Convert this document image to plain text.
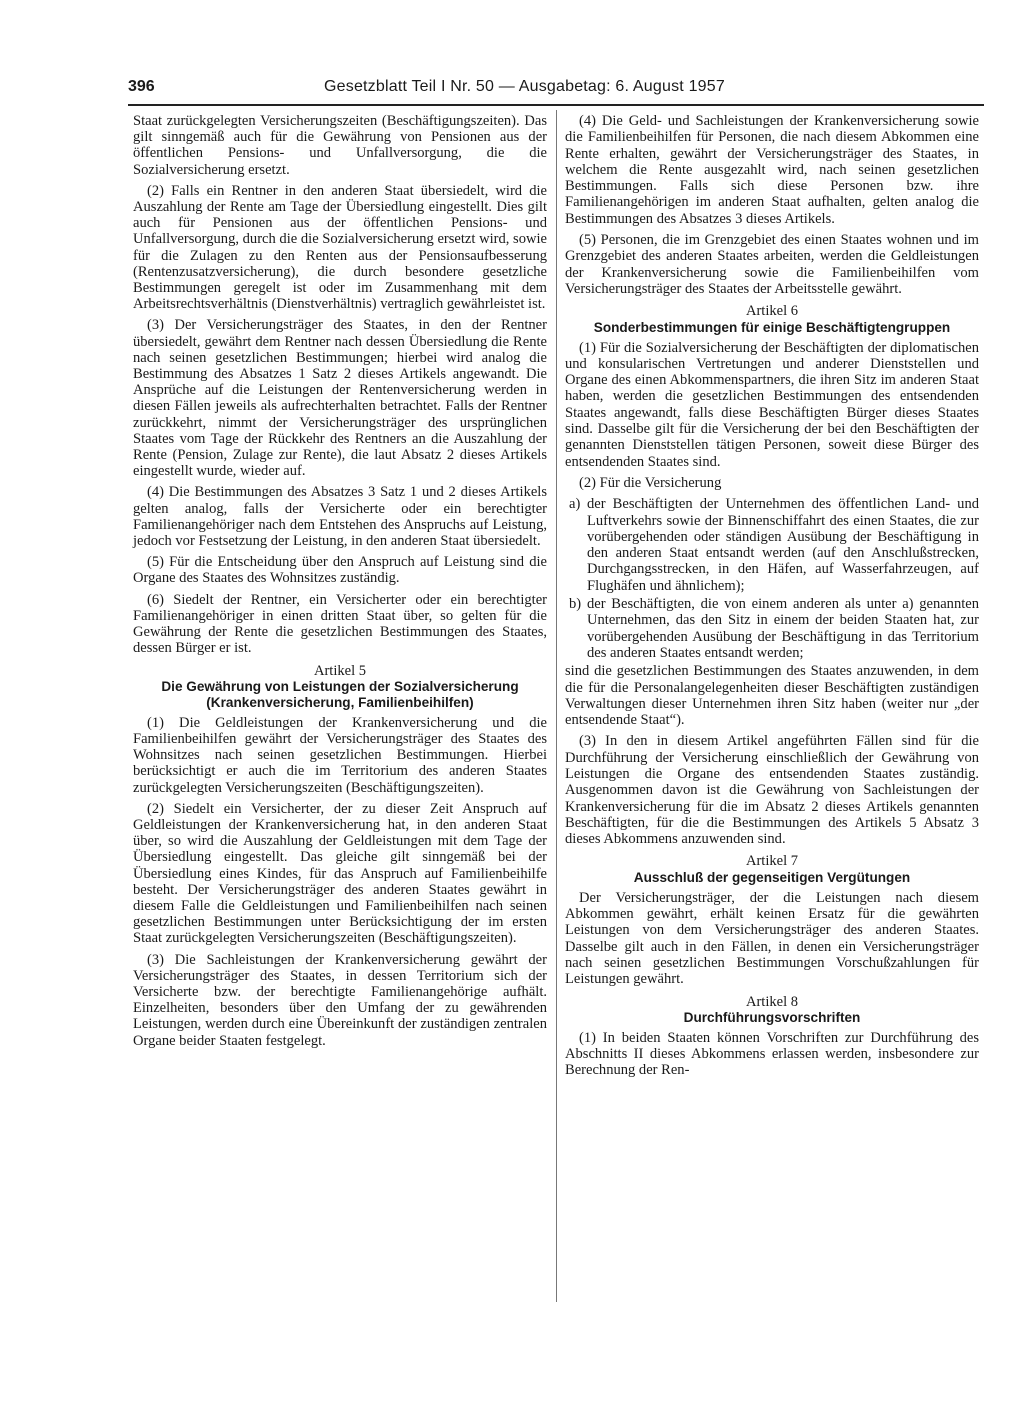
396	Gesetzblatt Teil I Nr. 50 — Ausgabetag: 6. August 1957

Staat zurückgelegten Versicherungszeiten (Beschäftigungszeiten). Das gilt sinngemäß auch für die Gewährung von Pensionen aus der öffentlichen Pensions- und Unfallversorgung, die die Sozialversicherung ersetzt.

(2) Falls ein Rentner in den anderen Staat übersiedelt, wird die Auszahlung der Rente am Tage der Übersiedlung eingestellt. Dies gilt auch für Pensionen aus der öffentlichen Pensions- und Unfallversorgung, durch die die Sozialversicherung ersetzt wird, sowie für die Zulagen zu den Renten aus der Pensionsaufbesserung (Rentenzusatzversicherung), die durch besondere gesetzliche Bestimmungen geregelt ist oder im Zusammenhang mit dem Arbeitsrechtsverhältnis (Dienstverhältnis) vertraglich gewährleistet ist.

(3) Der Versicherungsträger des Staates, in den der Rentner übersiedelt, gewährt dem Rentner nach dessen Übersiedlung die Rente nach seinen gesetzlichen Bestimmungen; hierbei wird analog die Bestimmung des Absatzes 1 Satz 2 dieses Artikels angewandt. Die Ansprüche auf die Leistungen der Rentenversicherung werden in diesen Fällen jeweils als aufrechterhalten betrachtet. Falls der Rentner zurückkehrt, nimmt der Versicherungsträger des ursprünglichen Staates vom Tage der Rückkehr des Rentners an die Auszahlung der Rente (Pension, Zulage zur Rente), die laut Absatz 2 dieses Artikels eingestellt wurde, wieder auf.

(4) Die Bestimmungen des Absatzes 3 Satz 1 und 2 dieses Artikels gelten analog, falls der Versicherte oder ein berechtigter Familienangehöriger nach dem Entstehen des Anspruchs auf Leistung, jedoch vor Festsetzung der Leistung, in den anderen Staat übersiedelt.

(5) Für die Entscheidung über den Anspruch auf Leistung sind die Organe des Staates des Wohnsitzes zuständig.

(6) Siedelt der Rentner, ein Versicherter oder ein berechtigter Familienangehöriger in einen dritten Staat über, so gelten für die Gewährung der Rente die gesetzlichen Bestimmungen des Staates, dessen Bürger er ist.

Artikel 5
Die Gewährung von Leistungen der Sozialversicherung (Krankenversicherung, Familienbeihilfen)

(1) Die Geldleistungen der Krankenversicherung und die Familienbeihilfen gewährt der Versicherungsträger des Staates des Wohnsitzes nach seinen gesetzlichen Bestimmungen. Hierbei berücksichtigt er auch die im Territorium des anderen Staates zurückgelegten Versicherungszeiten (Beschäftigungszeiten).

(2) Siedelt ein Versicherter, der zu dieser Zeit Anspruch auf Geldleistungen der Krankenversicherung hat, in den anderen Staat über, so wird die Auszahlung der Geldleistungen mit dem Tage der Übersiedlung eingestellt. Das gleiche gilt sinngemäß bei der Übersiedlung eines Kindes, für das Anspruch auf Familienbeihilfe besteht. Der Versicherungsträger des anderen Staates gewährt in diesem Falle die Geldleistungen und Familienbeihilfen nach seinen gesetzlichen Bestimmungen unter Berücksichtigung der im ersten Staat zurückgelegten Versicherungszeiten (Beschäftigungszeiten).

(3) Die Sachleistungen der Krankenversicherung gewährt der Versicherungsträger des Staates, in dessen Territorium sich der Versicherte bzw. der berechtigte Familienangehörige aufhält. Einzelheiten, besonders über den Umfang der zu gewährenden Leistungen, werden durch eine Übereinkunft der zuständigen zentralen Organe beider Staaten festgelegt.

(4) Die Geld- und Sachleistungen der Krankenversicherung sowie die Familienbeihilfen für Personen, die nach diesem Abkommen eine Rente erhalten, gewährt der Versicherungsträger des Staates, in welchem die Rente ausgezahlt wird, nach seinen gesetzlichen Bestimmungen. Falls sich diese Personen bzw. ihre Familienangehörigen im anderen Staat aufhalten, gelten analog die Bestimmungen des Absatzes 3 dieses Artikels.

(5) Personen, die im Grenzgebiet des einen Staates wohnen und im Grenzgebiet des anderen Staates arbeiten, werden die Geldleistungen der Krankenversicherung sowie die Familienbeihilfen vom Versicherungsträger des Staates der Arbeitsstelle gewährt.

Artikel 6
Sonderbestimmungen für einige Beschäftigtengruppen

(1) Für die Sozialversicherung der Beschäftigten der diplomatischen und konsularischen Vertretungen und anderer Dienststellen und Organe des einen Abkommenspartners, die ihren Sitz im anderen Staat haben, werden die gesetzlichen Bestimmungen des entsendenden Staates angewandt, falls diese Beschäftigten Bürger dieses Staates sind. Dasselbe gilt für die Versicherung der bei den Beschäftigten der genannten Dienststellen tätigen Personen, soweit diese Bürger des entsendenden Staates sind.

(2) Für die Versicherung

a) der Beschäftigten der Unternehmen des öffentlichen Land- und Luftverkehrs sowie der Binnenschiffahrt des einen Staates, die zur vorübergehenden oder ständigen Ausübung der Beschäftigung in den anderen Staat entsandt werden (auf den Anschlußstrecken, Durchgangsstrecken, in den Häfen, auf Wasserfahrzeugen, auf Flughäfen und ähnlichem);
b) der Beschäftigten, die von einem anderen als unter a) genannten Unternehmen, das den Sitz in einem der beiden Staaten hat, zur vorübergehenden Ausübung der Beschäftigung in das Territorium des anderen Staates entsandt werden;

sind die gesetzlichen Bestimmungen des Staates anzuwenden, in dem die für die Personalangelegenheiten dieser Beschäftigten zuständigen Verwaltungen dieser Unternehmen ihren Sitz haben (weiter nur „der entsendende Staat“).

(3) In den in diesem Artikel angeführten Fällen sind für die Durchführung der Versicherung einschließlich der Gewährung von Leistungen die Organe des entsendenden Staates zuständig. Ausgenommen davon ist die Gewährung von Sachleistungen der Krankenversicherung für die im Absatz 2 dieses Artikels genannten Beschäftigten, für die die Bestimmungen des Artikels 5 Absatz 3 dieses Abkommens anzuwenden sind.

Artikel 7
Ausschluß der gegenseitigen Vergütungen

Der Versicherungsträger, der die Leistungen nach diesem Abkommen gewährt, erhält keinen Ersatz für die gewährten Leistungen von dem Versicherungsträger des anderen Staates. Dasselbe gilt auch in den Fällen, in denen ein Versicherungsträger nach seinen gesetzlichen Bestimmungen Vorschußzahlungen für Leistungen gewährt.

Artikel 8
Durchführungsvorschriften

(1) In beiden Staaten können Vorschriften zur Durchführung des Abschnitts II dieses Abkommens erlassen werden, insbesondere zur Berechnung der Ren-
